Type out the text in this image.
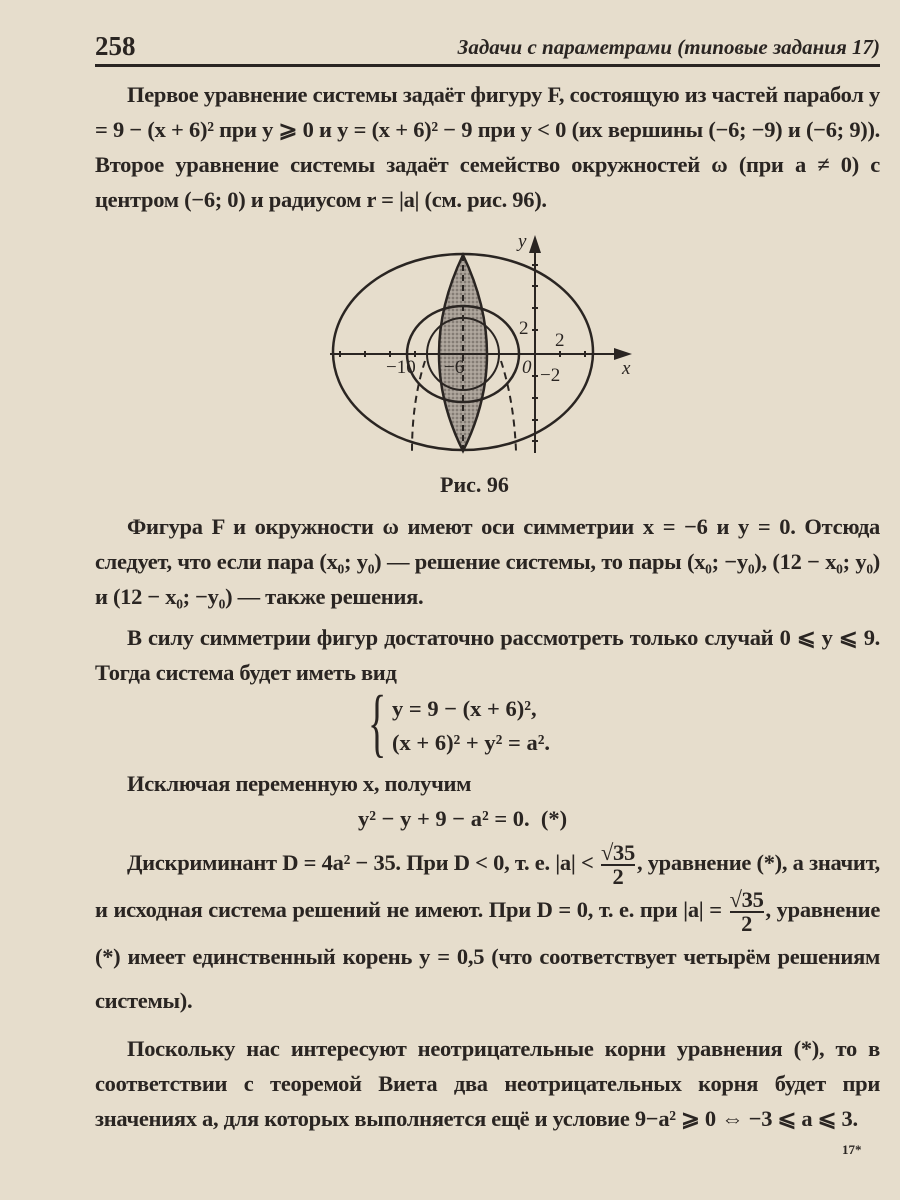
258	Задачи с параметрами (типовые задания 17)
Первое уравнение системы задаёт фигуру F, состоящую из частей парабол y = 9 − (x + 6)² при y ⩾ 0 и y = (x + 6)² − 9 при y < 0 (их вершины (−6; −9) и (−6; 9)). Второе уравнение системы задаёт семейство окружностей ω (при a ≠ 0) с центром (−6; 0) и радиусом r = |a| (см. рис. 96).
x
y
0
−10 −6
2
2
−2
Рис. 96
Фигура F и окружности ω имеют оси симметрии x = −6 и y = 0. Отсюда следует, что если пара (x₀; y₀) — решение системы, то пары (x₀; −y₀), (12 − x₀; y₀) и (12 − x₀; −y₀) — также решения.
В силу симметрии фигур достаточно рассмотреть только случай 0 ⩽ y ⩽ 9. Тогда система будет иметь вид
{ y = 9 − (x + 6)²,
(x + 6)² + y² = a².
Исключая переменную x, получим
y² − y + 9 − a² = 0.  (*)
Дискриминант D = 4a² − 35. При D < 0, т. е. $|a| < \frac{√35}{2}$ , уравнение (*), а значит, и исходная система решений не имеют. При D = 0, т. е. при $|a| = \frac{√35}{2}$ , уравнение (*) имеет единственный корень y = 0,5 (что соответствует четырём решениям системы).
Поскольку нас интересуют неотрицательные корни уравнения (*), то в соответствии с теоремой Виета два неотрицательных корня будет при значениях a, для которых выполняется ещё и условие 9−a² ⩾ 0 ⇔ −3 ⩽ a ⩽ 3.
17*
